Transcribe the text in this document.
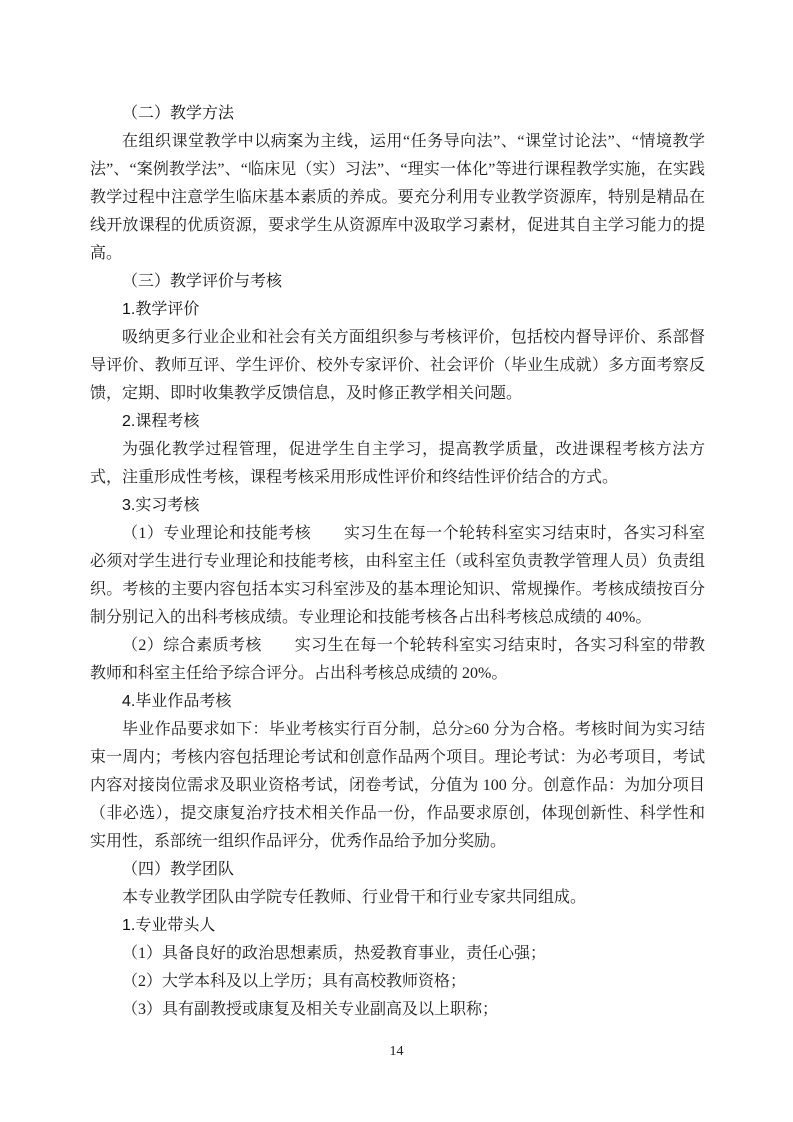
（二）教学方法

在组织课堂教学中以病案为主线，运用“任务导向法”、“课堂讨论法”、“情境教学法”、“案例教学法”、“临床见（实）习法”、“理实一体化”等进行课程教学实施，在实践教学过程中注意学生临床基本素质的养成。要充分利用专业教学资源库，特别是精品在线开放课程的优质资源，要求学生从资源库中汲取学习素材，促进其自主学习能力的提高。

（三）教学评价与考核
1.教学评价

吸纳更多行业企业和社会有关方面组织参与考核评价，包括校内督导评价、系部督导评价、教师互评、学生评价、校外专家评价、社会评价（毕业生成就）多方面考察反馈，定期、即时收集教学反馈信息，及时修正教学相关问题。

2.课程考核

为强化教学过程管理，促进学生自主学习，提高教学质量，改进课程考核方法方式，注重形成性考核，课程考核采用形成性评价和终结性评价结合的方式。

3.实习考核

（1）专业理论和技能考核　　实习生在每一个轮转科室实习结束时，各实习科室必须对学生进行专业理论和技能考核，由科室主任（或科室负责教学管理人员）负责组织。考核的主要内容包括本实习科室涉及的基本理论知识、常规操作。考核成绩按百分制分别记入的出科考核成绩。专业理论和技能考核各占出科考核总成绩的 40%。

（2）综合素质考核　　实习生在每一个轮转科室实习结束时，各实习科室的带教教师和科室主任给予综合评分。占出科考核总成绩的 20%。

4.毕业作品考核

毕业作品要求如下：毕业考核实行百分制，总分≥60 分为合格。考核时间为实习结束一周内；考核内容包括理论考试和创意作品两个项目。理论考试：为必考项目，考试内容对接岗位需求及职业资格考试，闭卷考试，分值为 100 分。创意作品：为加分项目（非必选），提交康复治疗技术相关作品一份，作品要求原创，体现创新性、科学性和实用性，系部统一组织作品评分，优秀作品给予加分奖励。

（四）教学团队

本专业教学团队由学院专任教师、行业骨干和行业专家共同组成。

1.专业带头人

（1）具备良好的政治思想素质，热爱教育事业，责任心强；

（2）大学本科及以上学历；具有高校教师资格；

（3）具有副教授或康复及相关专业副高及以上职称；

14
